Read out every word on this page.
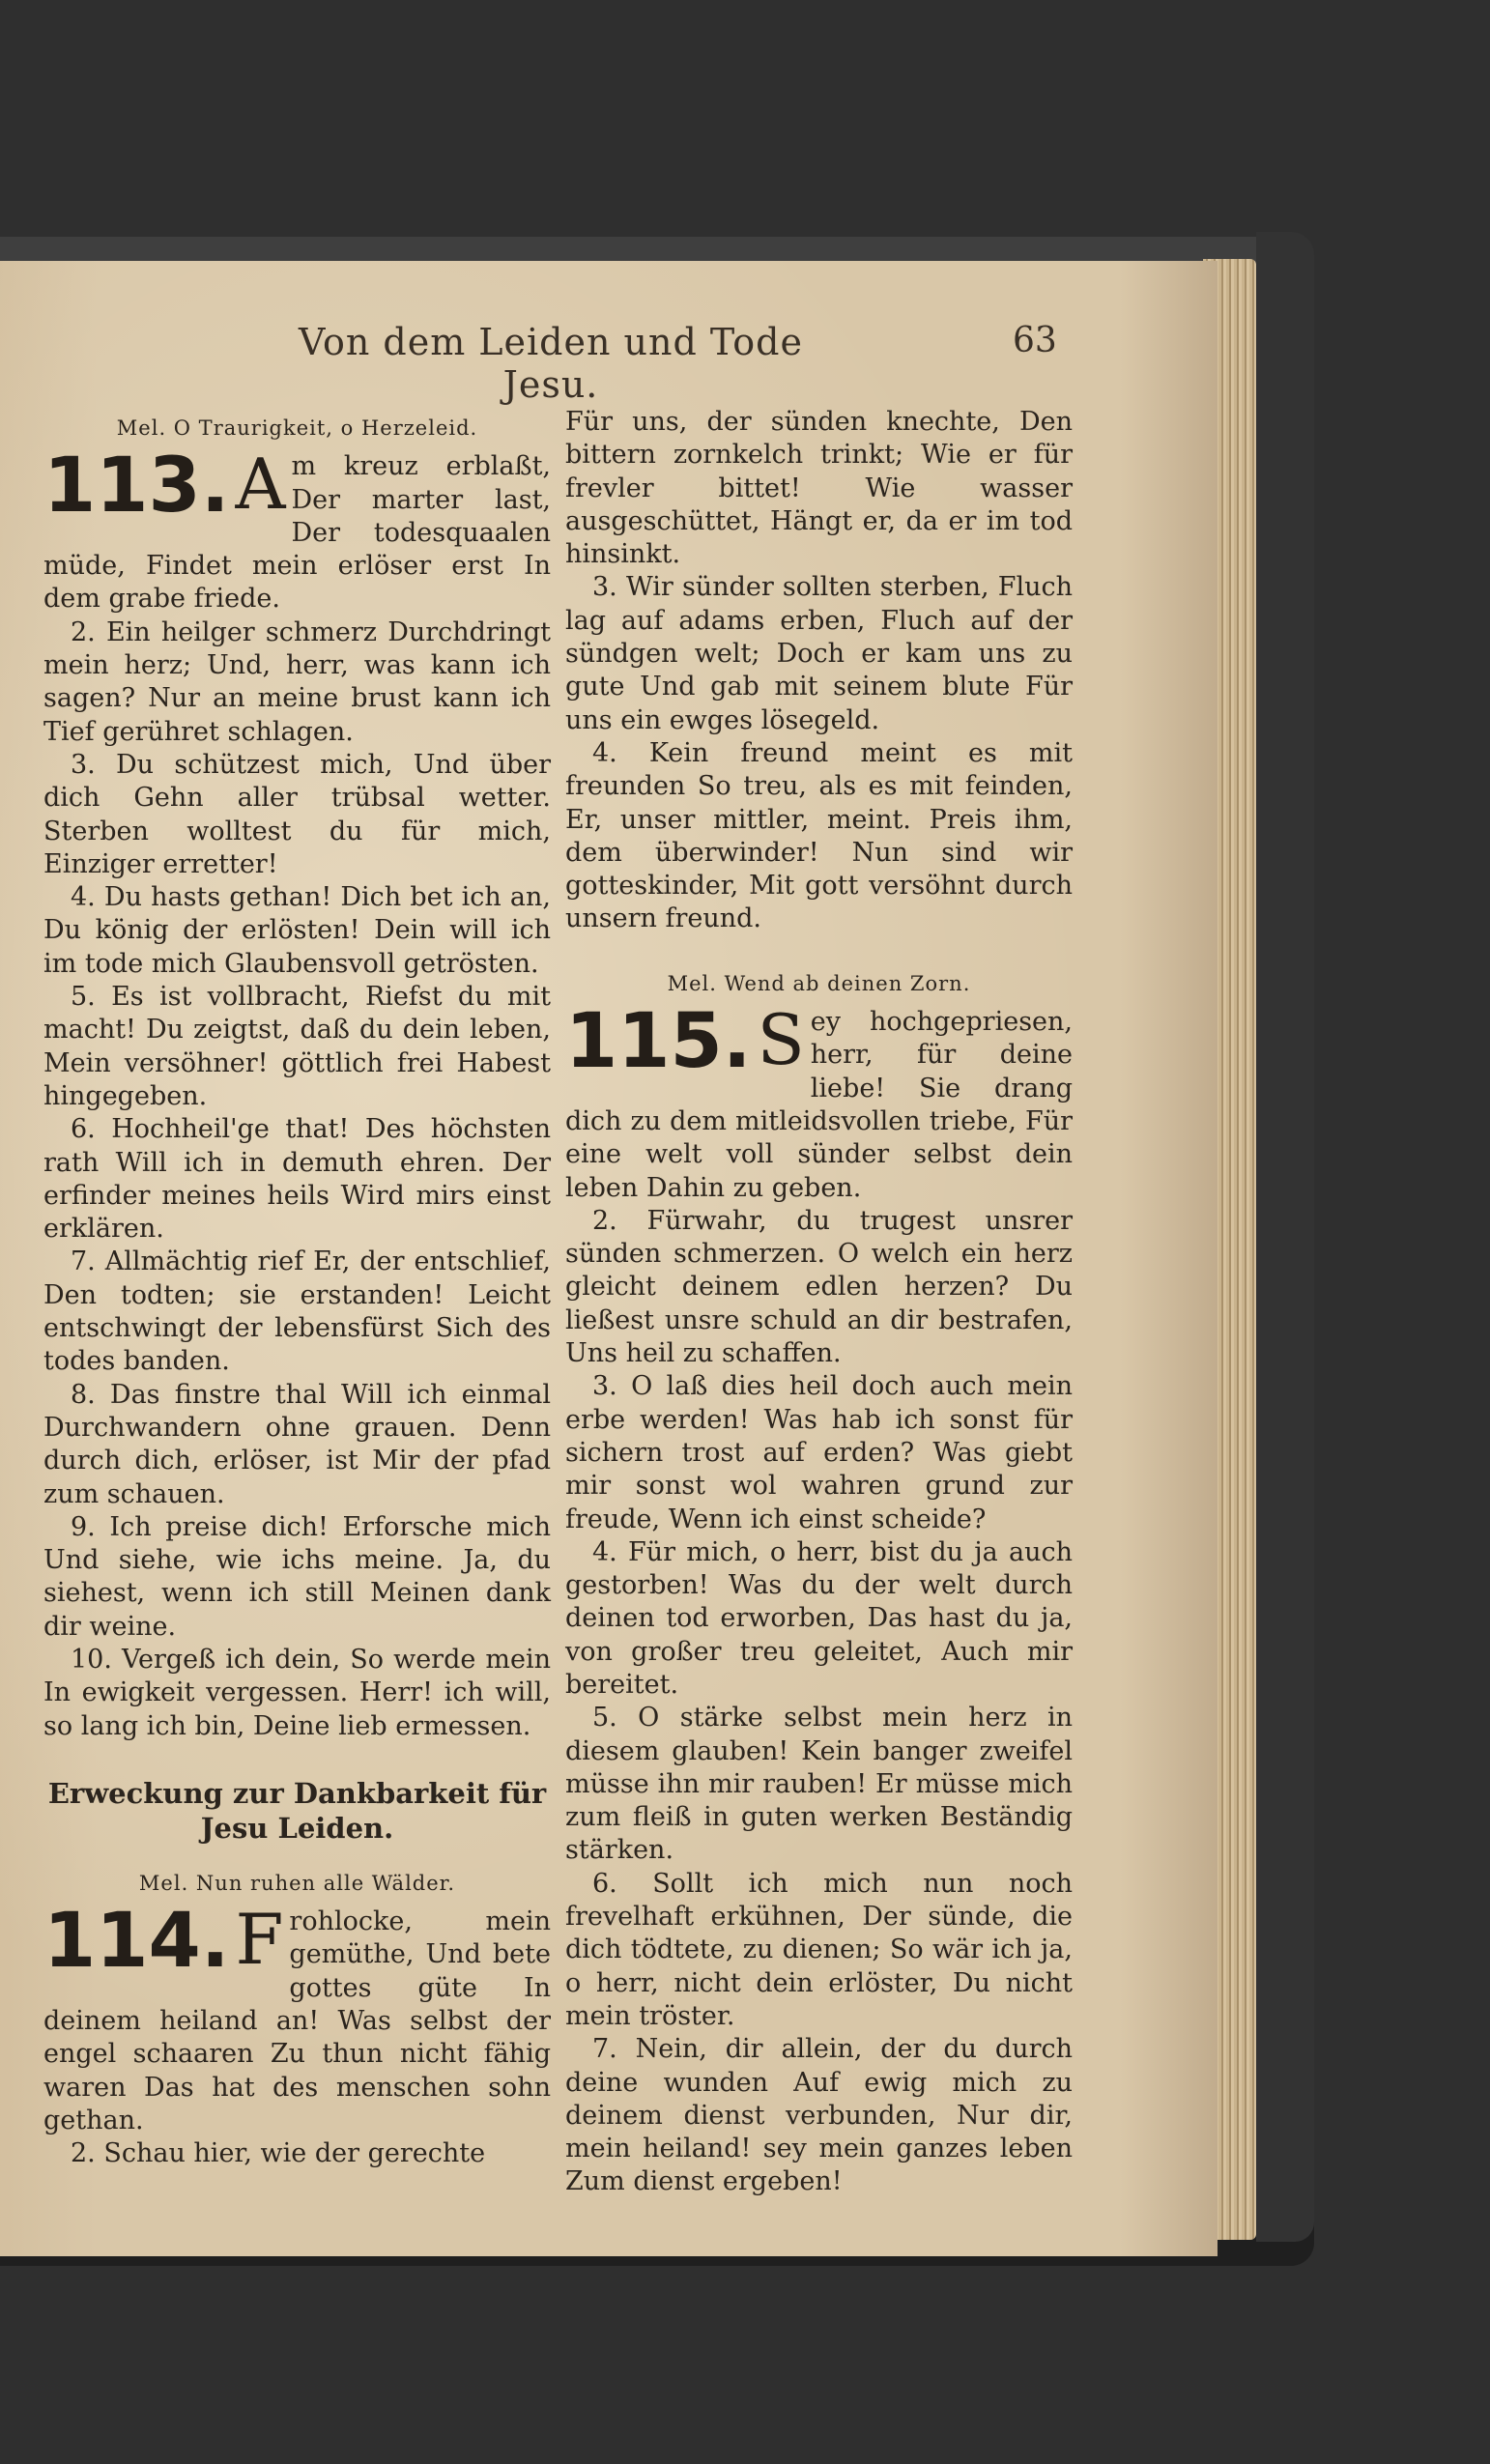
Von dem Leiden und Tode Jesu.
63
Mel. O Traurigkeit, o Herzeleid.
113. A m kreuz erblaßt, Der marter last, Der todesquaalen müde, Findet mein erlöser erst In dem grabe friede.

2. Ein heilger schmerz Durchdringt mein herz; Und, herr, was kann ich sagen? Nur an meine brust kann ich Tief gerühret schlagen.

3. Du schützest mich, Und über dich Gehn aller trübsal wetter. Sterben wolltest du für mich, Einziger erretter!

4. Du hasts gethan! Dich bet ich an, Du könig der erlösten! Dein will ich im tode mich Glaubensvoll getrösten.

5. Es ist vollbracht, Riefst du mit macht! Du zeigtst, daß du dein leben, Mein versöhner! göttlich frei Habest hingegeben.

6. Hochheil'ge that! Des höchsten rath Will ich in demuth ehren. Der erfinder meines heils Wird mirs einst erklären.

7. Allmächtig rief Er, der entschlief, Den todten; sie erstanden! Leicht entschwingt der lebensfürst Sich des todes banden.

8. Das finstre thal Will ich einmal Durchwandern ohne grauen. Denn durch dich, erlöser, ist Mir der pfad zum schauen.

9. Ich preise dich! Erforsche mich Und siehe, wie ichs meine. Ja, du siehest, wenn ich still Meinen dank dir weine.

10. Vergeß ich dein, So werde mein In ewigkeit vergessen. Herr! ich will, so lang ich bin, Deine lieb ermessen.

Erweckung zur Dankbarkeit für Jesu Leiden.
Mel. Nun ruhen alle Wälder.
114. F rohlocke, mein gemüthe, Und bete gottes güte In deinem heiland an! Was selbst der engel schaaren Zu thun nicht fähig waren Das hat des menschen sohn gethan.

2. Schau hier, wie der gerechte

Für uns, der sünden knechte, Den bittern zornkelch trinkt; Wie er für frevler bittet! Wie wasser ausgeschüttet, Hängt er, da er im tod hinsinkt.

3. Wir sünder sollten sterben, Fluch lag auf adams erben, Fluch auf der sündgen welt; Doch er kam uns zu gute Und gab mit seinem blute Für uns ein ewges lösegeld.

4. Kein freund meint es mit freunden So treu, als es mit feinden, Er, unser mittler, meint. Preis ihm, dem überwinder! Nun sind wir gotteskinder, Mit gott versöhnt durch unsern freund.

Mel. Wend ab deinen Zorn.
115. S ey hochgepriesen, herr, für deine liebe! Sie drang dich zu dem mitleidsvollen triebe, Für eine welt voll sünder selbst dein leben Dahin zu geben.

2. Fürwahr, du trugest unsrer sünden schmerzen. O welch ein herz gleicht deinem edlen herzen? Du ließest unsre schuld an dir bestrafen, Uns heil zu schaffen.

3. O laß dies heil doch auch mein erbe werden! Was hab ich sonst für sichern trost auf erden? Was giebt mir sonst wol wahren grund zur freude, Wenn ich einst scheide?

4. Für mich, o herr, bist du ja auch gestorben! Was du der welt durch deinen tod erworben, Das hast du ja, von großer treu geleitet, Auch mir bereitet.

5. O stärke selbst mein herz in diesem glauben! Kein banger zweifel müsse ihn mir rauben! Er müsse mich zum fleiß in guten werken Beständig stärken.

6. Sollt ich mich nun noch frevelhaft erkühnen, Der sünde, die dich tödtete, zu dienen; So wär ich ja, o herr, nicht dein erlöster, Du nicht mein tröster.

7. Nein, dir allein, der du durch deine wunden Auf ewig mich zu deinem dienst verbunden, Nur dir, mein heiland! sey mein ganzes leben Zum dienst ergeben!
